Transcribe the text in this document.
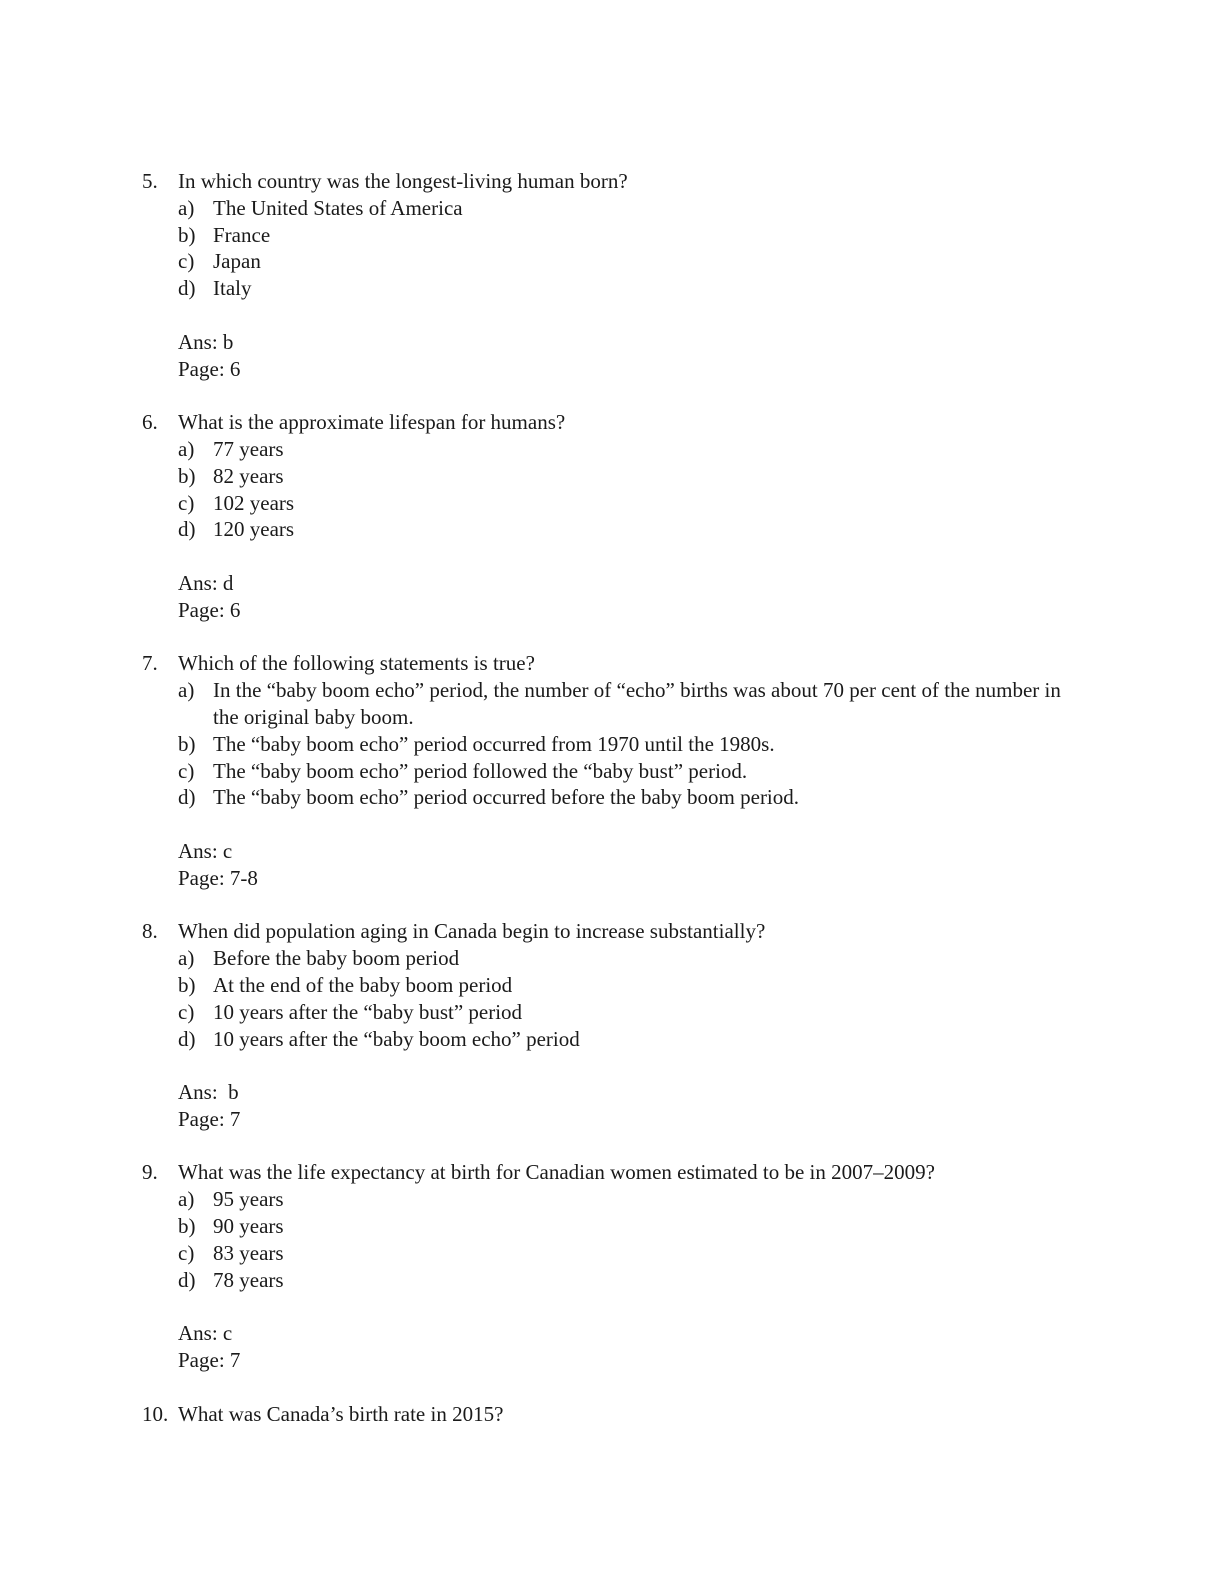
5. In which country was the longest-living human born?
a) The United States of America
b) France
c) Japan
d) Italy
Ans: b
Page: 6
6. What is the approximate lifespan for humans?
a) 77 years
b) 82 years
c) 102 years
d) 120 years
Ans: d
Page: 6
7. Which of the following statements is true?
a) In the “baby boom echo” period, the number of “echo” births was about 70 per cent of the number in the original baby boom.
b) The “baby boom echo” period occurred from 1970 until the 1980s.
c) The “baby boom echo” period followed the “baby bust” period.
d) The “baby boom echo” period occurred before the baby boom period.
Ans: c
Page: 7-8
8. When did population aging in Canada begin to increase substantially?
a) Before the baby boom period
b) At the end of the baby boom period
c) 10 years after the “baby bust” period
d) 10 years after the “baby boom echo” period
Ans:  b
Page: 7
9. What was the life expectancy at birth for Canadian women estimated to be in 2007–2009?
a) 95 years
b) 90 years
c) 83 years
d) 78 years
Ans: c
Page: 7
10. What was Canada’s birth rate in 2015?
